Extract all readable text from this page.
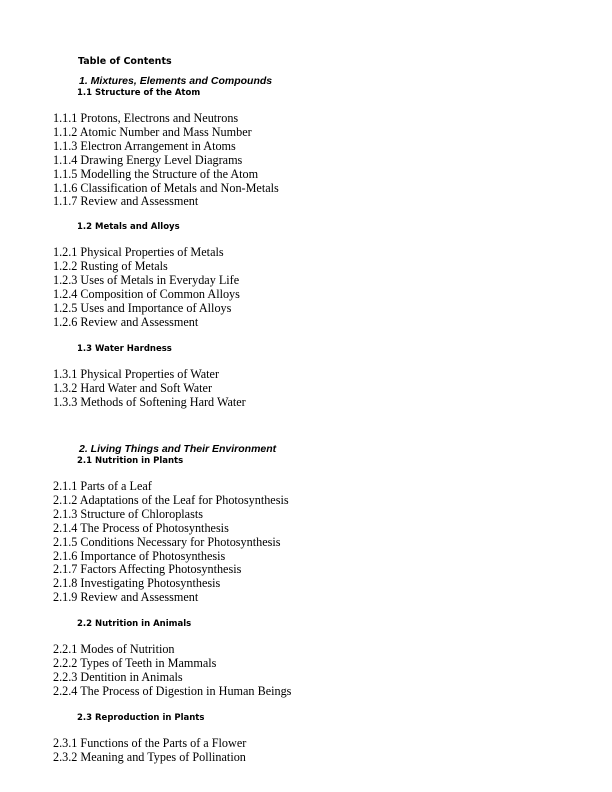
Table of Contents
1. Mixtures, Elements and Compounds
1.1 Structure of the Atom
1.1.1 Protons, Electrons and Neutrons
1.1.2 Atomic Number and Mass Number
1.1.3 Electron Arrangement in Atoms
1.1.4 Drawing Energy Level Diagrams
1.1.5 Modelling the Structure of the Atom
1.1.6 Classification of Metals and Non-Metals
1.1.7 Review and Assessment
1.2 Metals and Alloys
1.2.1 Physical Properties of Metals
1.2.2 Rusting of Metals
1.2.3 Uses of Metals in Everyday Life
1.2.4 Composition of Common Alloys
1.2.5 Uses and Importance of Alloys
1.2.6 Review and Assessment
1.3 Water Hardness
1.3.1 Physical Properties of Water
1.3.2 Hard Water and Soft Water
1.3.3 Methods of Softening Hard Water
2. Living Things and Their Environment
2.1 Nutrition in Plants
2.1.1 Parts of a Leaf
2.1.2 Adaptations of the Leaf for Photosynthesis
2.1.3 Structure of Chloroplasts
2.1.4 The Process of Photosynthesis
2.1.5 Conditions Necessary for Photosynthesis
2.1.6 Importance of Photosynthesis
2.1.7 Factors Affecting Photosynthesis
2.1.8 Investigating Photosynthesis
2.1.9 Review and Assessment
2.2 Nutrition in Animals
2.2.1 Modes of Nutrition
2.2.2 Types of Teeth in Mammals
2.2.3 Dentition in Animals
2.2.4 The Process of Digestion in Human Beings
2.3 Reproduction in Plants
2.3.1 Functions of the Parts of a Flower
2.3.2 Meaning and Types of Pollination
